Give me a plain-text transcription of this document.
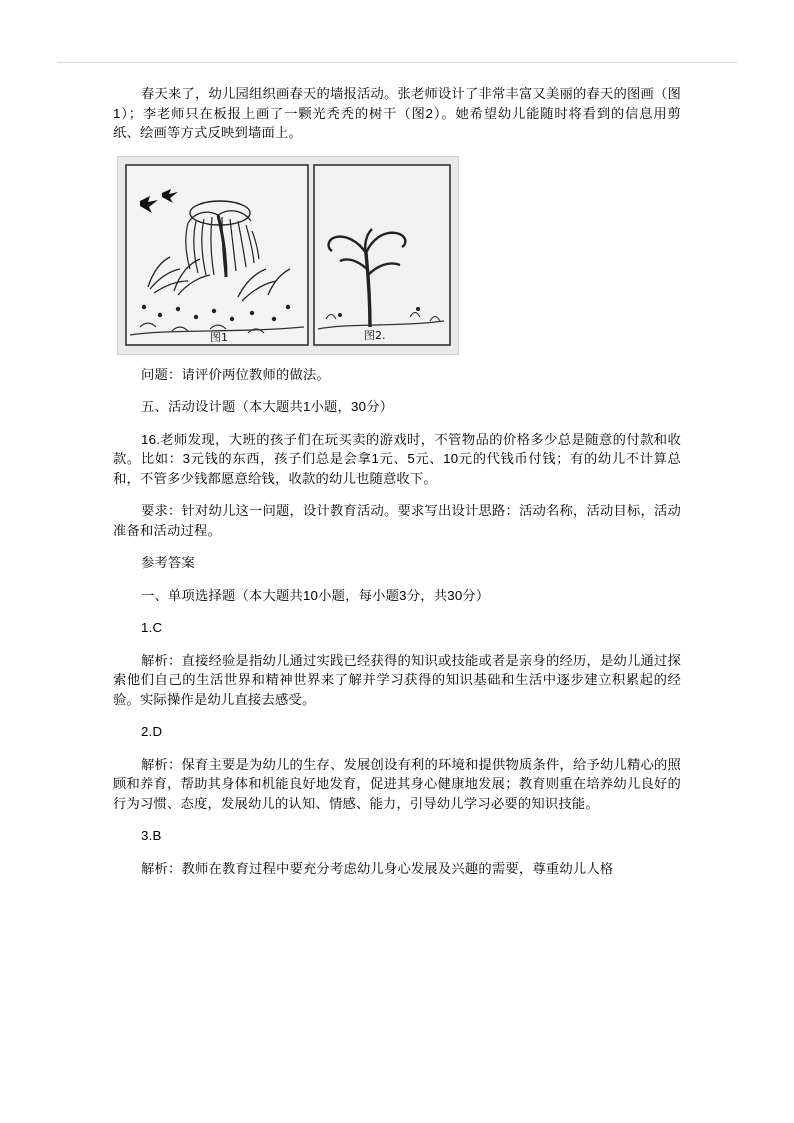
春天来了，幼儿园组织画春天的墙报活动。张老师设计了非常丰富又美丽的春天的图画（图1）；李老师只在板报上画了一颗光秃秃的树干（图2）。她希望幼儿能随时将看到的信息用剪纸、绘画等方式反映到墙面上。

图1	图2.

问题：请评价两位教师的做法。

五、活动设计题（本大题共1小题，30分）

16.老师发现，大班的孩子们在玩买卖的游戏时，不管物品的价格多少总是随意的付款和收款。比如：3元钱的东西，孩子们总是会拿1元、5元、10元的代钱币付钱；有的幼儿不计算总和，不管多少钱都愿意给钱，收款的幼儿也随意收下。

要求：针对幼儿这一问题，设计教育活动。要求写出设计思路：活动名称，活动目标，活动准备和活动过程。

参考答案

一、单项选择题（本大题共10小题，每小题3分，共30分）

1.C

解析：直接经验是指幼儿通过实践已经获得的知识或技能或者是亲身的经历，是幼儿通过探索他们自己的生活世界和精神世界来了解并学习获得的知识基础和生活中逐步建立积累起的经验。实际操作是幼儿直接去感受。

2.D

解析：保育主要是为幼儿的生存、发展创设有利的环境和提供物质条件，给予幼儿精心的照顾和养育，帮助其身体和机能良好地发育，促进其身心健康地发展；教育则重在培养幼儿良好的行为习惯、态度，发展幼儿的认知、情感、能力，引导幼儿学习必要的知识技能。

3.B

解析：教师在教育过程中要充分考虑幼儿身心发展及兴趣的需要，尊重幼儿人格
